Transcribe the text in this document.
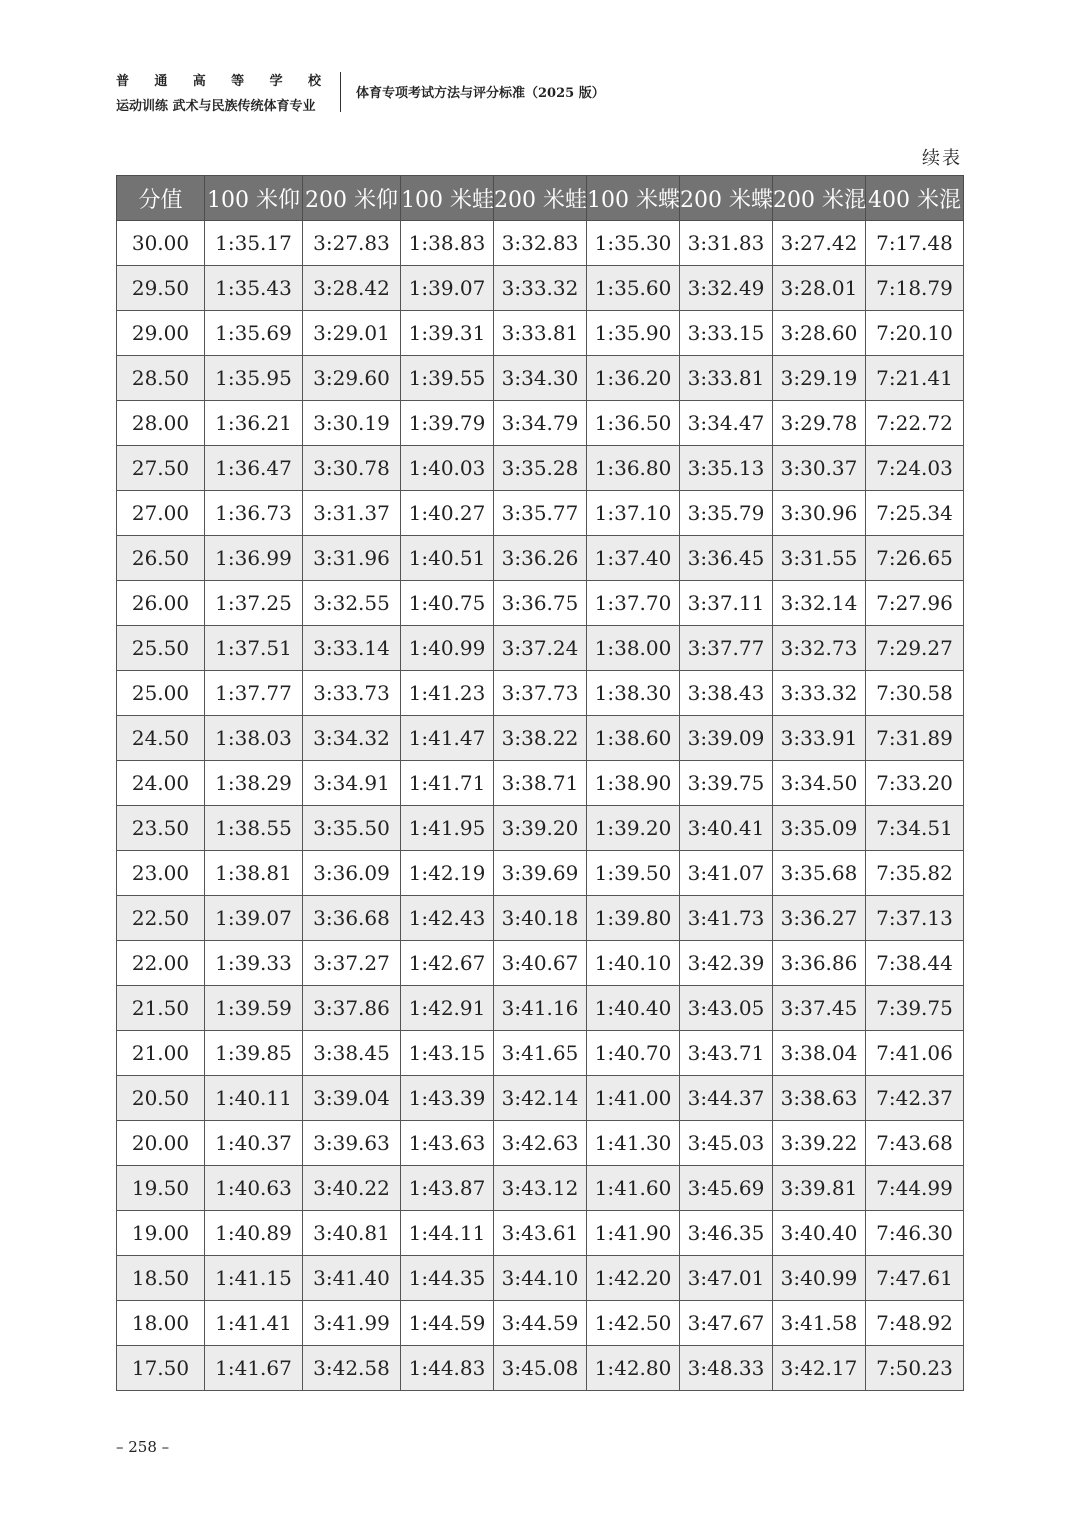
普 通 高 等 学 校
运动训练 武术与民族传统体育专业
体育专项考试方法与评分标准（2025 版）
续表
分值	100 米仰	200 米仰	100 米蛙	200 米蛙	100 米蝶	200 米蝶	200 米混	400 米混
30.00	1:35.17	3:27.83	1:38.83	3:32.83	1:35.30	3:31.83	3:27.42	7:17.48
29.50	1:35.43	3:28.42	1:39.07	3:33.32	1:35.60	3:32.49	3:28.01	7:18.79
29.00	1:35.69	3:29.01	1:39.31	3:33.81	1:35.90	3:33.15	3:28.60	7:20.10
28.50	1:35.95	3:29.60	1:39.55	3:34.30	1:36.20	3:33.81	3:29.19	7:21.41
28.00	1:36.21	3:30.19	1:39.79	3:34.79	1:36.50	3:34.47	3:29.78	7:22.72
27.50	1:36.47	3:30.78	1:40.03	3:35.28	1:36.80	3:35.13	3:30.37	7:24.03
27.00	1:36.73	3:31.37	1:40.27	3:35.77	1:37.10	3:35.79	3:30.96	7:25.34
26.50	1:36.99	3:31.96	1:40.51	3:36.26	1:37.40	3:36.45	3:31.55	7:26.65
26.00	1:37.25	3:32.55	1:40.75	3:36.75	1:37.70	3:37.11	3:32.14	7:27.96
25.50	1:37.51	3:33.14	1:40.99	3:37.24	1:38.00	3:37.77	3:32.73	7:29.27
25.00	1:37.77	3:33.73	1:41.23	3:37.73	1:38.30	3:38.43	3:33.32	7:30.58
24.50	1:38.03	3:34.32	1:41.47	3:38.22	1:38.60	3:39.09	3:33.91	7:31.89
24.00	1:38.29	3:34.91	1:41.71	3:38.71	1:38.90	3:39.75	3:34.50	7:33.20
23.50	1:38.55	3:35.50	1:41.95	3:39.20	1:39.20	3:40.41	3:35.09	7:34.51
23.00	1:38.81	3:36.09	1:42.19	3:39.69	1:39.50	3:41.07	3:35.68	7:35.82
22.50	1:39.07	3:36.68	1:42.43	3:40.18	1:39.80	3:41.73	3:36.27	7:37.13
22.00	1:39.33	3:37.27	1:42.67	3:40.67	1:40.10	3:42.39	3:36.86	7:38.44
21.50	1:39.59	3:37.86	1:42.91	3:41.16	1:40.40	3:43.05	3:37.45	7:39.75
21.00	1:39.85	3:38.45	1:43.15	3:41.65	1:40.70	3:43.71	3:38.04	7:41.06
20.50	1:40.11	3:39.04	1:43.39	3:42.14	1:41.00	3:44.37	3:38.63	7:42.37
20.00	1:40.37	3:39.63	1:43.63	3:42.63	1:41.30	3:45.03	3:39.22	7:43.68
19.50	1:40.63	3:40.22	1:43.87	3:43.12	1:41.60	3:45.69	3:39.81	7:44.99
19.00	1:40.89	3:40.81	1:44.11	3:43.61	1:41.90	3:46.35	3:40.40	7:46.30
18.50	1:41.15	3:41.40	1:44.35	3:44.10	1:42.20	3:47.01	3:40.99	7:47.61
18.00	1:41.41	3:41.99	1:44.59	3:44.59	1:42.50	3:47.67	3:41.58	7:48.92
17.50	1:41.67	3:42.58	1:44.83	3:45.08	1:42.80	3:48.33	3:42.17	7:50.23
– 258 –
